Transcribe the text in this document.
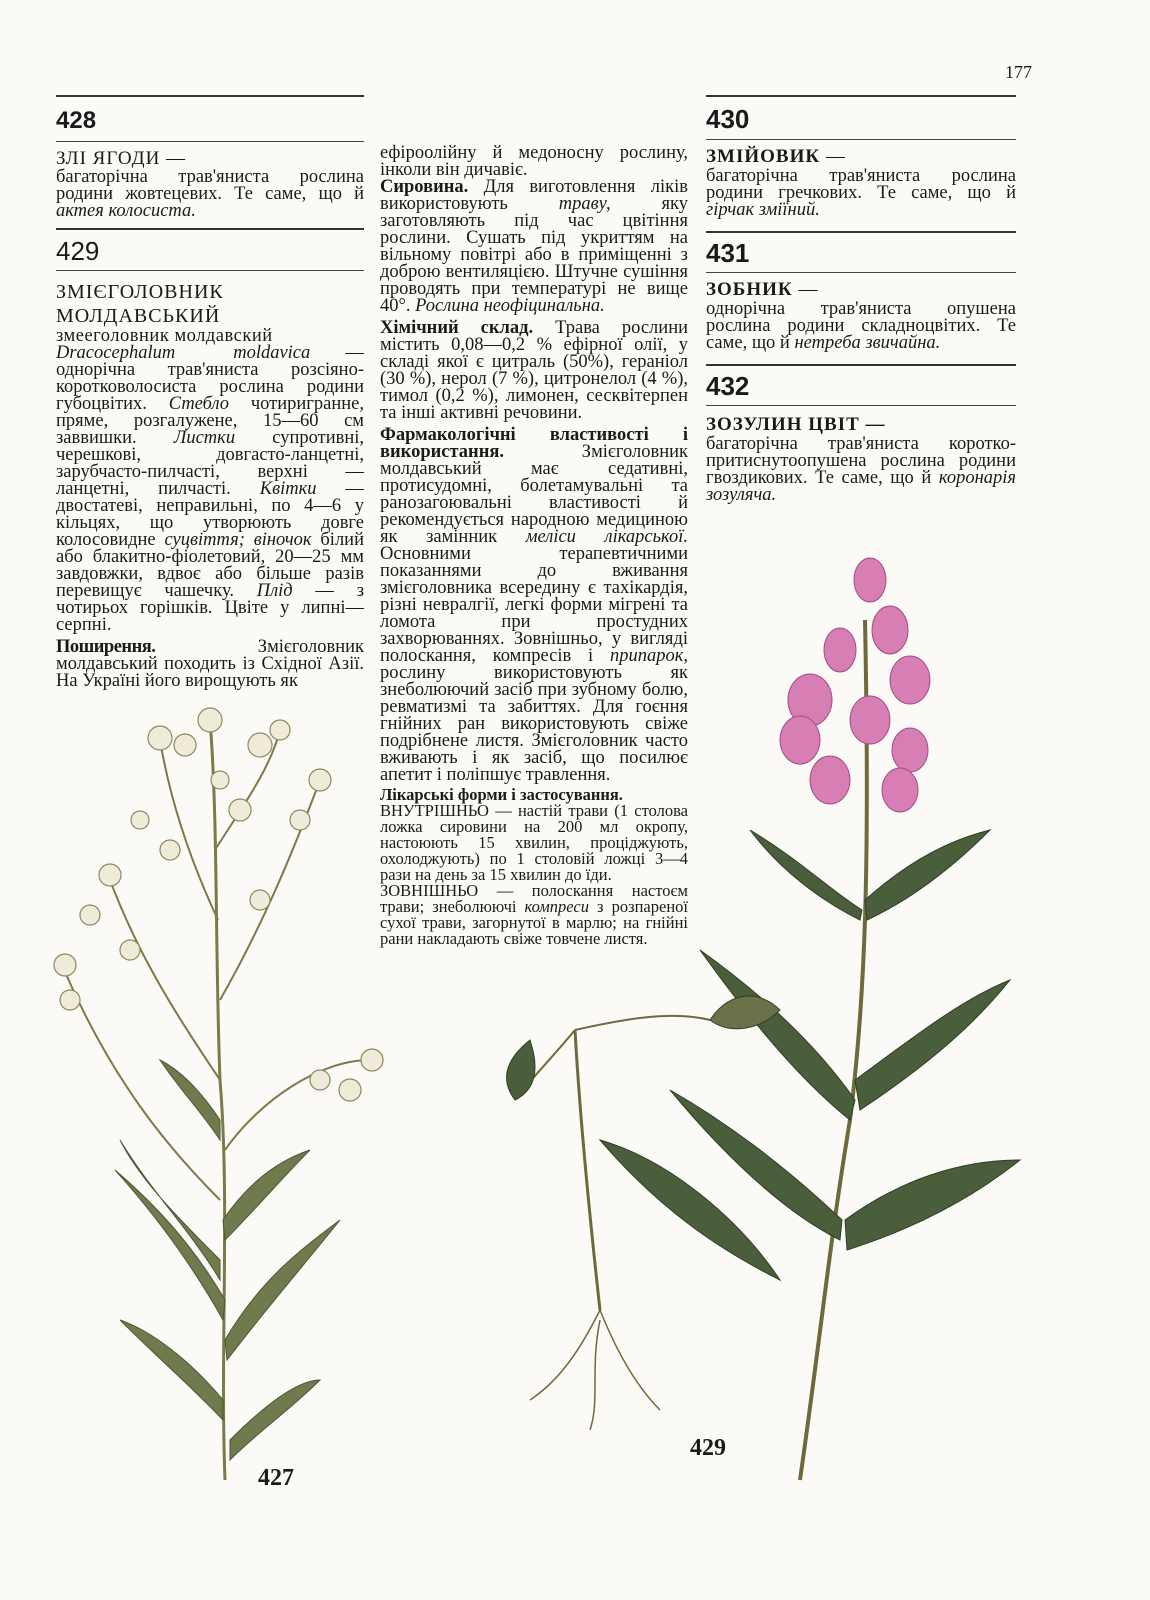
177
428
ЗЛІ ЯГОДИ —

багаторічна трав'яниста рослина родини жовтецевих. Те саме, що й актея колосиста.

429
ЗМІЄГОЛОВНИК
МОЛДАВСЬКИЙ
змееголовник молдавский

Dracocephalum	moldavica — однорічна трав'яниста розсіяно-коротковолосиста рослина родини губоцвітих. Стебло чотиригранне, пряме, розгалужене, 15—60 см заввишки. Листки супротивні, черешкові, довгасто-ланцетні, зарубчасто-пилчасті, верхні — ланцетні, пилчасті. Квітки — двостатеві, неправильні, по 4—6 у кільцях, що утворюють довге колосовидне суцвіття; віночок білий або блакитно-фіолетовий, 20—25 мм завдовжки, вдвоє або більше разів перевищує чашечку. Плід — з чотирьох горішків. Цвіте у липні—серпні.

Поширення. Змієголовник молдавський походить із Східної Азії. На Україні його вирощують як

ефіроолійну й медоносну рослину, інколи він дичавіє.

Сировина. Для виготовлення ліків використовують траву, яку заготовляють під час цвітіння рослини. Сушать під укриттям на вільному повітрі або в приміщенні з доброю вентиляцією. Штучне сушіння проводять при температурі не вище 40°. Рослина неофіцинальна.

Хімічний склад. Трава рослини містить 0,08—0,2 % ефірної олії, у складі якої є цитраль (50%), гераніол (30 %), нерол (7 %), цитронелол (4 %), тимол (0,2 %), лимонен, сесквітерпен та інші активні речовини.

Фармакологічні властивості і використання. Змієголовник молдавський має седативні, протисудомні, болетамувальні та ранозагоювальні властивості й рекомендується народною медициною як замінник меліси лікарської. Основними терапевтичними показаннями до вживання змієголовника всередину є тахікардія, різні невралгії, легкі форми мігрені та ломота при простудних захворюваннях. Зовнішньо, у вигляді полоскання, компресів і припарок, рослину використовують як знеболюючий засіб при зубному болю, ревматизмі та забиттях. Для гоєння гнійних ран використовують свіже подрібнене листя. Змієголовник часто вживають і як засіб, що посилює апетит і поліпшує травлення.

Лікарські форми і застосування.

ВНУТРІШНЬО — настій трави (1 столова ложка сировини на 200 мл окропу, настоюють 15 хвилин, проціджують, охолоджують) по 1 столовій ложці 3—4 рази на день за 15 хвилин до їди.

ЗОВНІШНЬО — полоскання настоєм трави; знеболюючі компреси з розпареної сухої трави, загорнутої в марлю; на гнійні рани накладають свіже товчене листя.

430
ЗМІЙОВИК —

багаторічна трав'яниста рослина родини гречкових. Те саме, що й гірчак зміїний.

431
ЗОБНИК —

однорічна трав'яниста опушена рослина родини складноцвітих. Те саме, що й нетреба звичайна.

432
ЗОЗУЛИН ЦВІТ —

багаторічна трав'яниста коротко-притиснутоопушена рослина родини гвоздикових. Те саме, що й коронарія зозуляча.

427
429
